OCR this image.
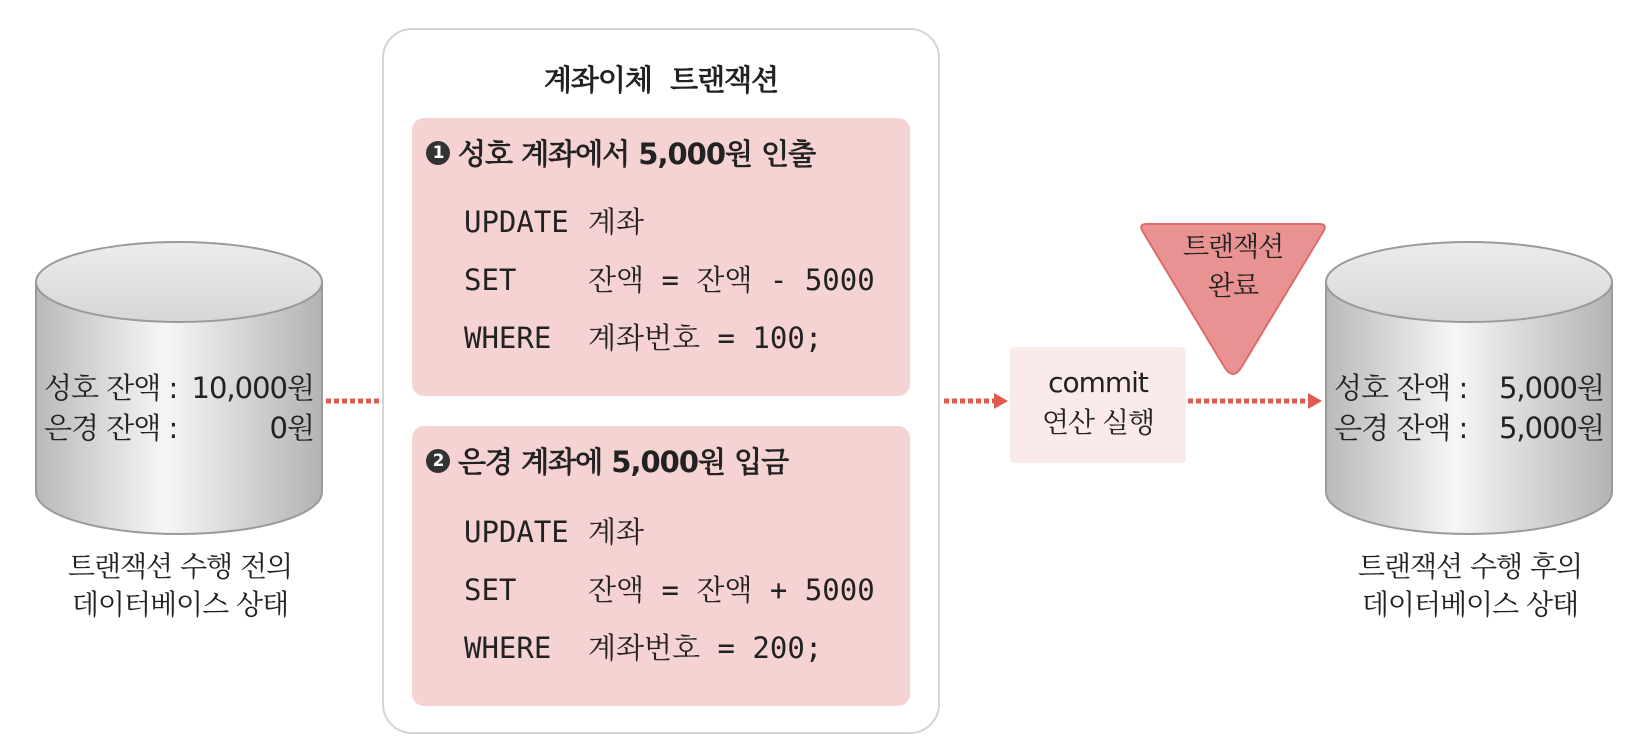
성호 잔액 : 10,000원
은경 잔액 :	0원
트랜잭션 수행 전의
데이터베이스 상태
계좌이체  트랜잭션
1 성호 계좌에서 5,000원 인출
UPDATE 계좌
SET 잔액 = 잔액 - 5000
WHERE 계좌번호 = 100;
2 은경 계좌에 5,000원 입금
UPDATE 계좌
SET 잔액 = 잔액 + 5000
WHERE 계좌번호 = 200;
commit
연산 실행
트랜잭션
완료
성호 잔액 : 5,000원
은경 잔액 : 5,000원
트랜잭션 수행 후의
데이터베이스 상태
